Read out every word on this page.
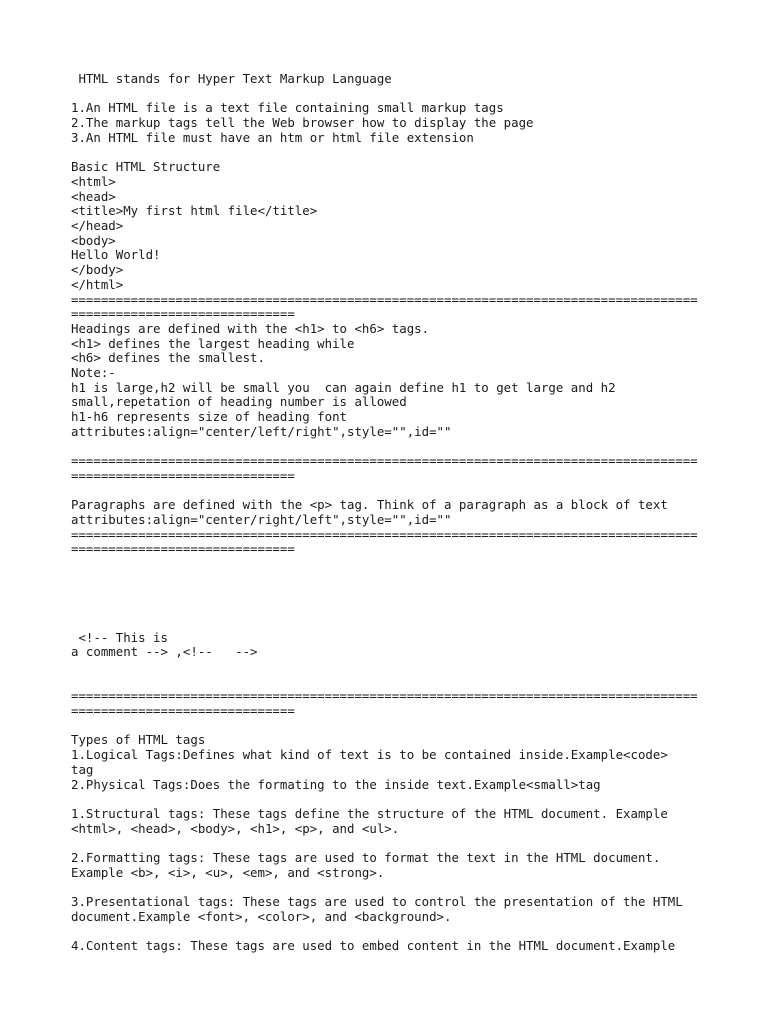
HTML stands for Hyper Text Markup Language
1.An HTML file is a text file containing small markup tags
2.The markup tags tell the Web browser how to display the page
3.An HTML file must have an htm or html file extension
Basic HTML Structure
<html>
<head>
<title>My first html file</title>
</head>
<body>
Hello World!
</body>
</html>
====================================================================================
==============================
Headings are defined with the <h1> to <h6> tags.
<h1> defines the largest heading while
<h6> defines the smallest.
Note:-
h1 is large,h2 will be small you  can again define h1 to get large and h2
small,repetation of heading number is allowed
h1-h6 represents size of heading font
attributes:align="center/left/right",style="",id=""
====================================================================================
==============================
Paragraphs are defined with the <p> tag. Think of a paragraph as a block of text
attributes:align="center/right/left",style="",id=""
====================================================================================
==============================
<!-- This is
a comment --> ,<!--   -->
====================================================================================
==============================
Types of HTML tags
1.Logical Tags:Defines what kind of text is to be contained inside.Example<code>
tag
2.Physical Tags:Does the formating to the inside text.Example<small>tag
1.Structural tags: These tags define the structure of the HTML document. Example
<html>, <head>, <body>, <h1>, <p>, and <ul>.
2.Formatting tags: These tags are used to format the text in the HTML document.
Example <b>, <i>, <u>, <em>, and <strong>.
3.Presentational tags: These tags are used to control the presentation of the HTML
document.Example <font>, <color>, and <background>.
4.Content tags: These tags are used to embed content in the HTML document.Example
